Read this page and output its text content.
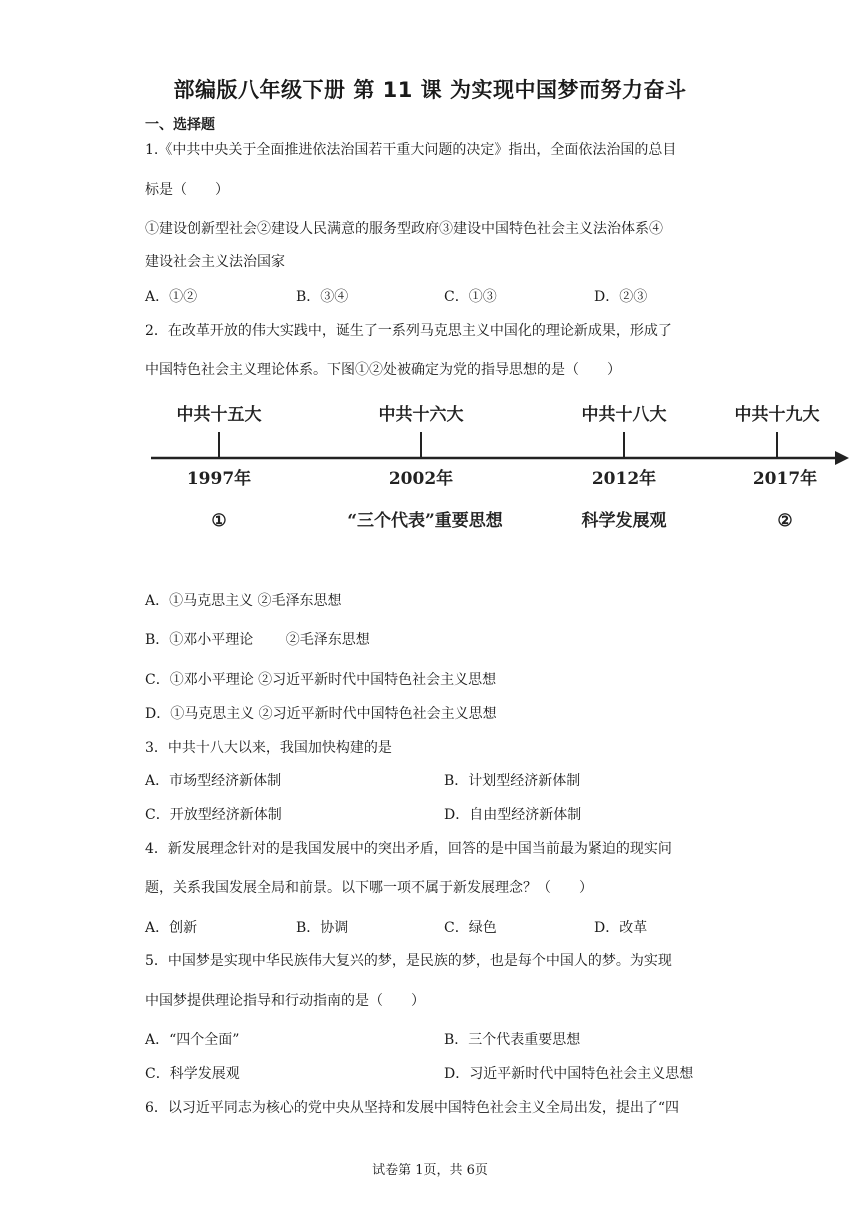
部编版八年级下册 第 11 课 为实现中国梦而努力奋斗
一、选择题
1.《中共中央关于全面推进依法治国若干重大问题的决定》指出，全面依法治国的总目
标是（　　）
①建设创新型社会②建设人民满意的服务型政府③建设中国特色社会主义法治体系④
建设社会主义法治国家
A．①②	B．③④	C．①③	D．②③
2．在改革开放的伟大实践中，诞生了一系列马克思主义中国化的理论新成果，形成了
中国特色社会主义理论体系。下图①②处被确定为党的指导思想的是（　　）
中共十五大	中共十六大	中共十八大	中共十九大
1997年	2002年	2012年	2017年
①	“三个代表”重要思想	科学发展观	②
A．①马克思主义 ②毛泽东思想
B．①邓小平理论　　 ②毛泽东思想
C．①邓小平理论 ②习近平新时代中国特色社会主义思想
D．①马克思主义 ②习近平新时代中国特色社会主义思想
3．中共十八大以来，我国加快构建的是
A．市场型经济新体制	B．计划型经济新体制
C．开放型经济新体制	D．自由型经济新体制
4．新发展理念针对的是我国发展中的突出矛盾，回答的是中国当前最为紧迫的现实问
题，关系我国发展全局和前景。以下哪一项不属于新发展理念？（　　）
A．创新	B．协调	C．绿色	D．改革
5．中国梦是实现中华民族伟大复兴的梦，是民族的梦，也是每个中国人的梦。为实现
中国梦提供理论指导和行动指南的是（　　）
A．“四个全面”	B．三个代表重要思想
C．科学发展观	D．习近平新时代中国特色社会主义思想
6．以习近平同志为核心的党中央从坚持和发展中国特色社会主义全局出发，提出了“四
试卷第 1页，共 6页
